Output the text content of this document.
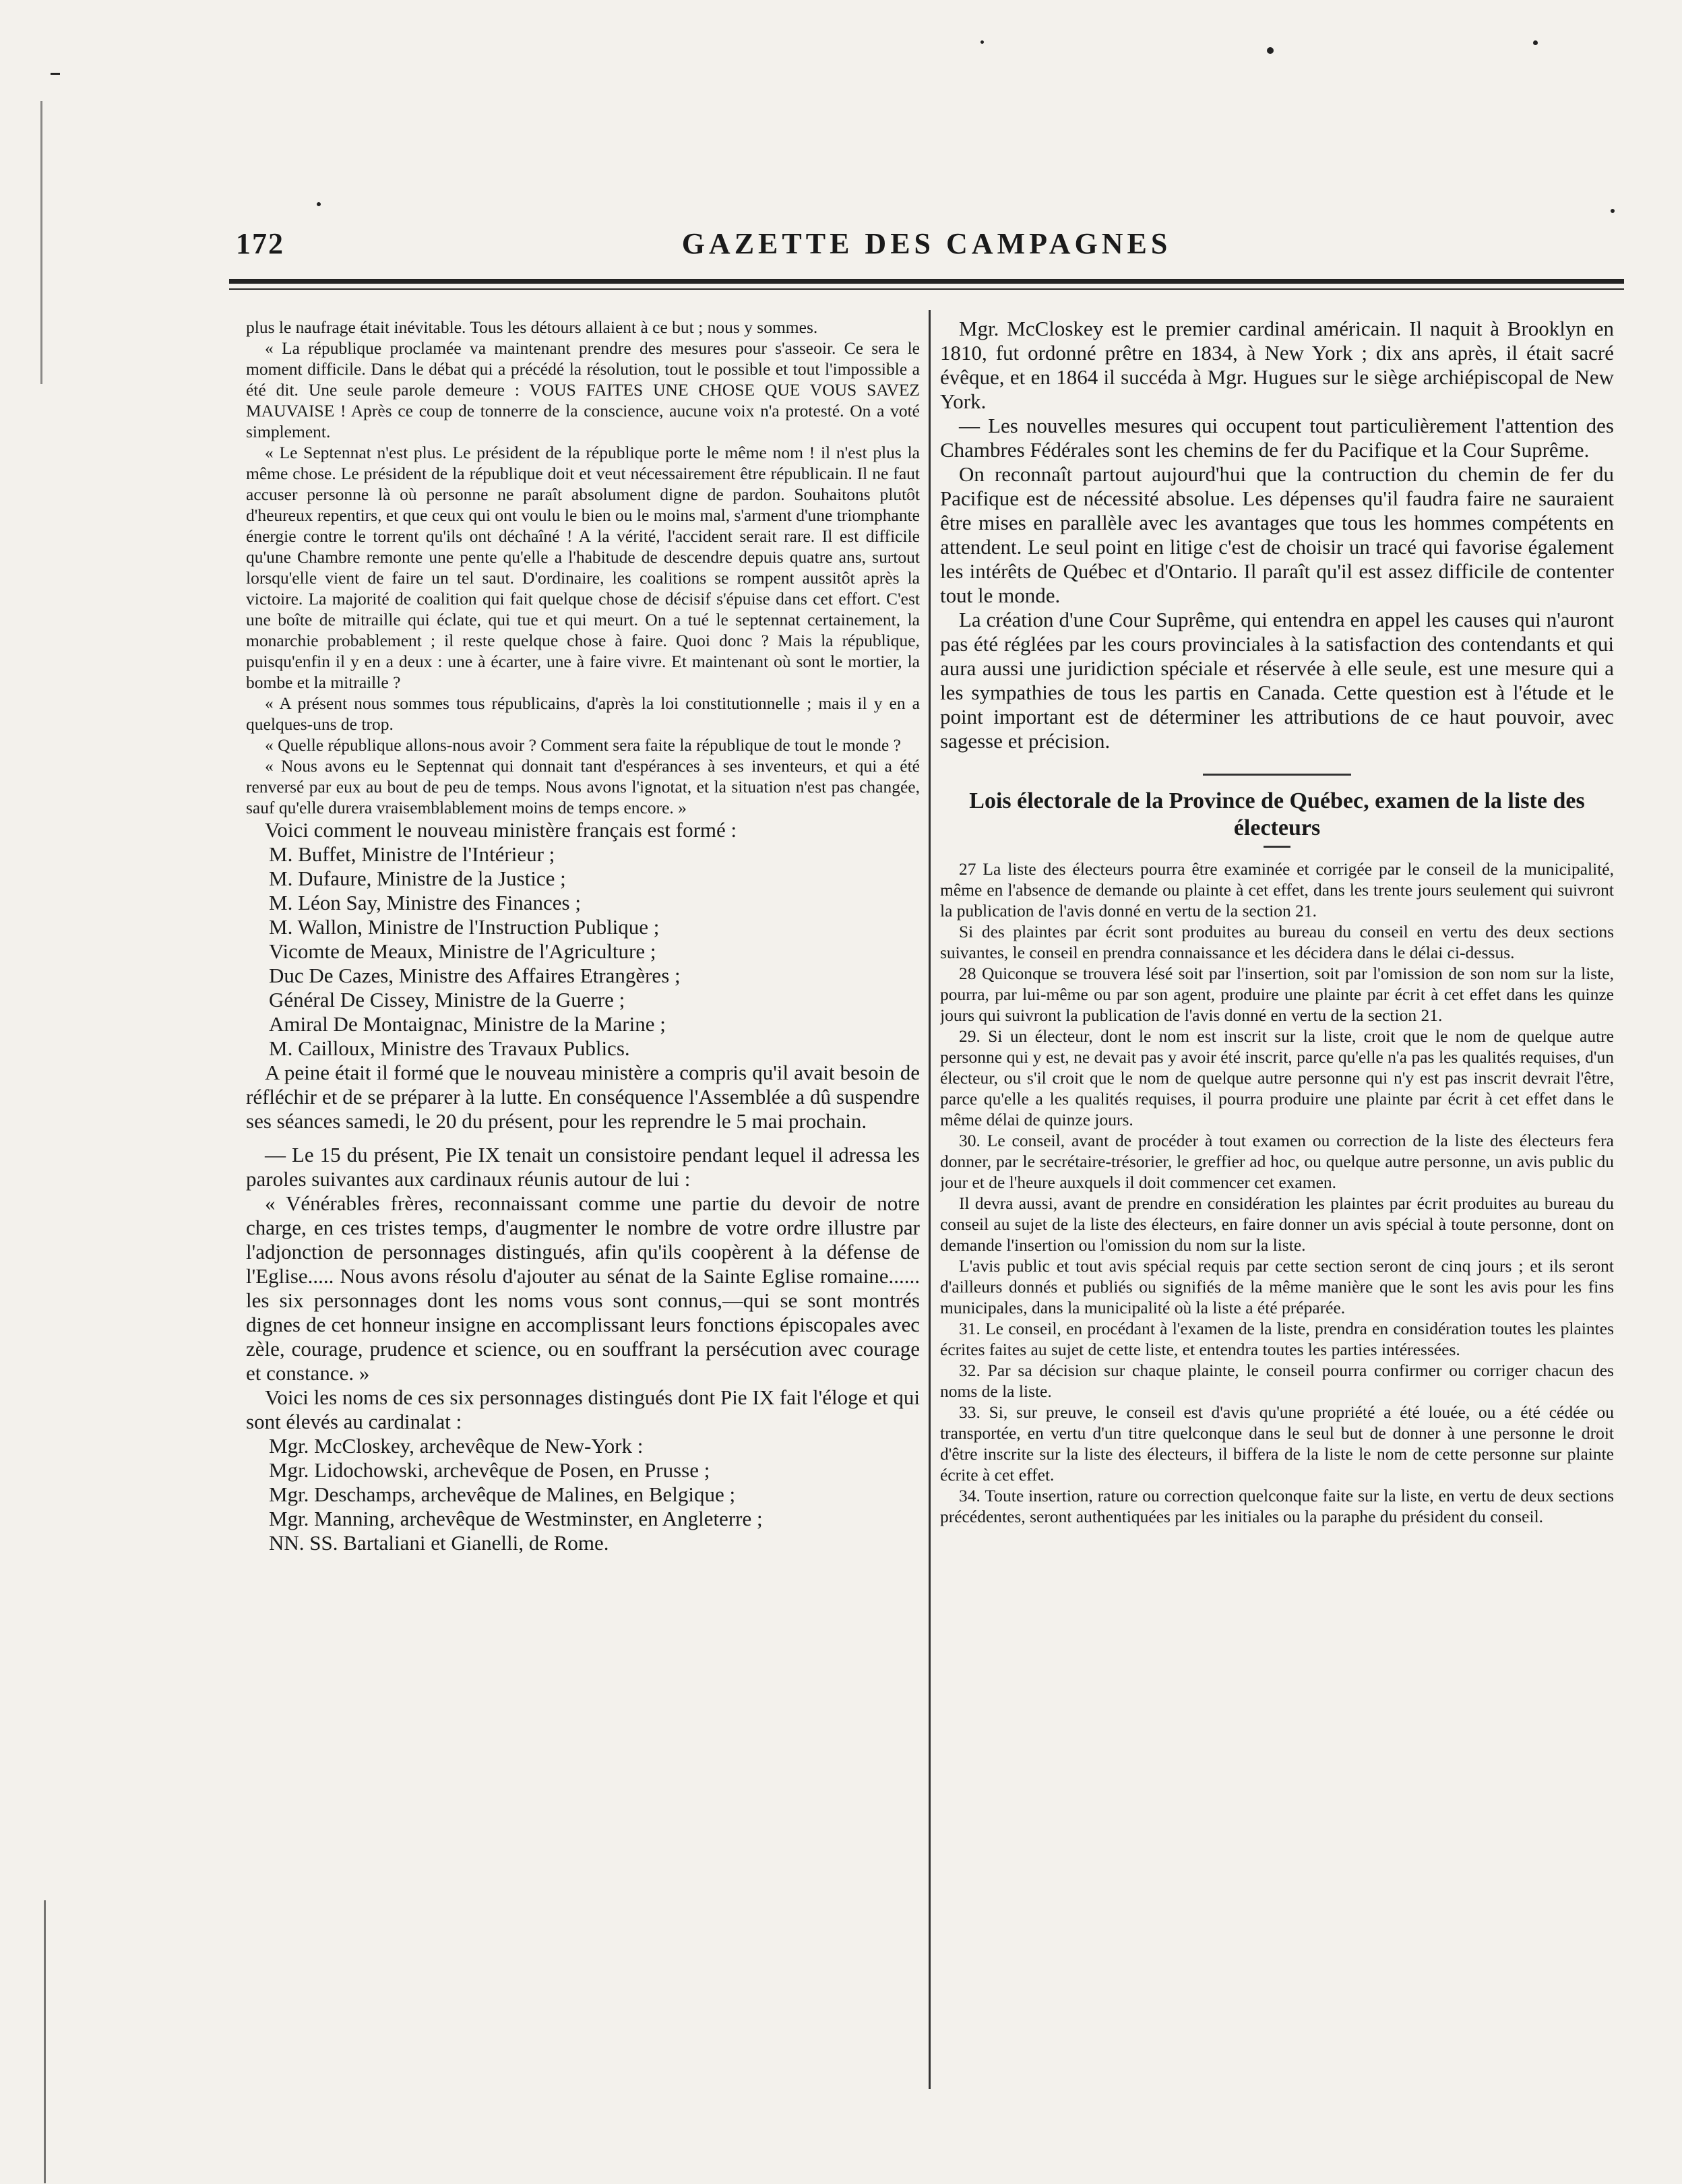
172	GAZETTE DES CAMPAGNES

plus le naufrage était inévitable. Tous les détours allaient à ce but ; nous y sommes.

« La république proclamée va maintenant prendre des mesures pour s'asseoir. Ce sera le moment difficile. Dans le débat qui a précédé la résolution, tout le possible et tout l'impossible a été dit. Une seule parole demeure : VOUS FAITES UNE CHOSE QUE VOUS SAVEZ MAUVAISE ! Après ce coup de tonnerre de la conscience, aucune voix n'a protesté. On a voté simplement.

« Le Septennat n'est plus. Le président de la république porte le même nom ! il n'est plus la même chose. Le président de la république doit et veut nécessairement être républicain. Il ne faut accuser personne là où personne ne paraît absolument digne de pardon. Souhaitons plutôt d'heureux repentirs, et que ceux qui ont voulu le bien ou le moins mal, s'arment d'une triomphante énergie contre le torrent qu'ils ont déchaîné ! A la vérité, l'accident serait rare. Il est difficile qu'une Chambre remonte une pente qu'elle a l'habitude de descendre depuis quatre ans, surtout lorsqu'elle vient de faire un tel saut. D'ordinaire, les coalitions se rompent aussitôt après la victoire. La majorité de coalition qui fait quelque chose de décisif s'épuise dans cet effort. C'est une boîte de mitraille qui éclate, qui tue et qui meurt. On a tué le septennat certainement, la monarchie probablement ; il reste quelque chose à faire. Quoi donc ? Mais la république, puisqu'enfin il y en a deux : une à écarter, une à faire vivre. Et maintenant où sont le mortier, la bombe et la mitraille ?

« A présent nous sommes tous républicains, d'après la loi constitutionnelle ; mais il y en a quelques-uns de trop.

« Quelle république allons-nous avoir ? Comment sera faite la république de tout le monde ?

« Nous avons eu le Septennat qui donnait tant d'espérances à ses inventeurs, et qui a été renversé par eux au bout de peu de temps. Nous avons l'ignotat, et la situation n'est pas changée, sauf qu'elle durera vraisemblablement moins de temps encore. »

Voici comment le nouveau ministère français est formé :

M. Buffet, Ministre de l'Intérieur ;

M. Dufaure, Ministre de la Justice ;

M. Léon Say, Ministre des Finances ;

M. Wallon, Ministre de l'Instruction Publique ;

Vicomte de Meaux, Ministre de l'Agriculture ;

Duc De Cazes, Ministre des Affaires Etrangères ;

Général De Cissey, Ministre de la Guerre ;

Amiral De Montaignac, Ministre de la Marine ;

M. Cailloux, Ministre des Travaux Publics.

A peine était il formé que le nouveau ministère a compris qu'il avait besoin de réfléchir et de se préparer à la lutte. En conséquence l'Assemblée a dû suspendre ses séances samedi, le 20 du présent, pour les reprendre le 5 mai prochain.

— Le 15 du présent, Pie IX tenait un consistoire pendant lequel il adressa les paroles suivantes aux cardinaux réunis autour de lui :

« Vénérables frères, reconnaissant comme une partie du devoir de notre charge, en ces tristes temps, d'augmenter le nombre de votre ordre illustre par l'adjonction de personnages distingués, afin qu'ils coopèrent à la défense de l'Eglise..... Nous avons résolu d'ajouter au sénat de la Sainte Eglise romaine...... les six personnages dont les noms vous sont connus,—qui se sont montrés dignes de cet honneur insigne en accomplissant leurs fonctions épiscopales avec zèle, courage, prudence et science, ou en souffrant la persécution avec courage et constance. »

Voici les noms de ces six personnages distingués dont Pie IX fait l'éloge et qui sont élevés au cardinalat :

Mgr. McCloskey, archevêque de New-York :

Mgr. Lidochowski, archevêque de Posen, en Prusse ;

Mgr. Deschamps, archevêque de Malines, en Belgique ;

Mgr. Manning, archevêque de Westminster, en Angleterre ;

NN. SS. Bartaliani et Gianelli, de Rome.

Mgr. McCloskey est le premier cardinal américain. Il naquit à Brooklyn en 1810, fut ordonné prêtre en 1834, à New York ; dix ans après, il était sacré évêque, et en 1864 il succéda à Mgr. Hugues sur le siège archiépiscopal de New York.

— Les nouvelles mesures qui occupent tout particulièrement l'attention des Chambres Fédérales sont les chemins de fer du Pacifique et la Cour Suprême.

On reconnaît partout aujourd'hui que la contruction du chemin de fer du Pacifique est de nécessité absolue. Les dépenses qu'il faudra faire ne sauraient être mises en parallèle avec les avantages que tous les hommes compétents en attendent. Le seul point en litige c'est de choisir un tracé qui favorise également les intérêts de Québec et d'Ontario. Il paraît qu'il est assez difficile de contenter tout le monde.

La création d'une Cour Suprême, qui entendra en appel les causes qui n'auront pas été réglées par les cours provinciales à la satisfaction des contendants et qui aura aussi une juridiction spéciale et réservée à elle seule, est une mesure qui a les sympathies de tous les partis en Canada. Cette question est à l'étude et le point important est de déterminer les attributions de ce haut pouvoir, avec sagesse et précision.

Lois électorale de la Province de Québec, examen de la liste des électeurs

27 La liste des électeurs pourra être examinée et corrigée par le conseil de la municipalité, même en l'absence de demande ou plainte à cet effet, dans les trente jours seulement qui suivront la publication de l'avis donné en vertu de la section 21.

Si des plaintes par écrit sont produites au bureau du conseil en vertu des deux sections suivantes, le conseil en prendra connaissance et les décidera dans le délai ci-dessus.

28 Quiconque se trouvera lésé soit par l'insertion, soit par l'omission de son nom sur la liste, pourra, par lui-même ou par son agent, produire une plainte par écrit à cet effet dans les quinze jours qui suivront la publication de l'avis donné en vertu de la section 21.

29. Si un électeur, dont le nom est inscrit sur la liste, croit que le nom de quelque autre personne qui y est, ne devait pas y avoir été inscrit, parce qu'elle n'a pas les qualités requises, d'un électeur, ou s'il croit que le nom de quelque autre personne qui n'y est pas inscrit devrait l'être, parce qu'elle a les qualités requises, il pourra produire une plainte par écrit à cet effet dans le même délai de quinze jours.

30. Le conseil, avant de procéder à tout examen ou correction de la liste des électeurs fera donner, par le secrétaire-trésorier, le greffier ad hoc, ou quelque autre personne, un avis public du jour et de l'heure auxquels il doit commencer cet examen.

Il devra aussi, avant de prendre en considération les plaintes par écrit produites au bureau du conseil au sujet de la liste des électeurs, en faire donner un avis spécial à toute personne, dont on demande l'insertion ou l'omission du nom sur la liste.

L'avis public et tout avis spécial requis par cette section seront de cinq jours ; et ils seront d'ailleurs donnés et publiés ou signifiés de la même manière que le sont les avis pour les fins municipales, dans la municipalité où la liste a été préparée.

31. Le conseil, en procédant à l'examen de la liste, prendra en considération toutes les plaintes écrites faites au sujet de cette liste, et entendra toutes les parties intéressées.

32. Par sa décision sur chaque plainte, le conseil pourra confirmer ou corriger chacun des noms de la liste.

33. Si, sur preuve, le conseil est d'avis qu'une propriété a été louée, ou a été cédée ou transportée, en vertu d'un titre quelconque dans le seul but de donner à une personne le droit d'être inscrite sur la liste des électeurs, il biffera de la liste le nom de cette personne sur plainte écrite à cet effet.

34. Toute insertion, rature ou correction quelconque faite sur la liste, en vertu de deux sections précédentes, seront authentiquées par les initiales ou la paraphe du président du conseil.
